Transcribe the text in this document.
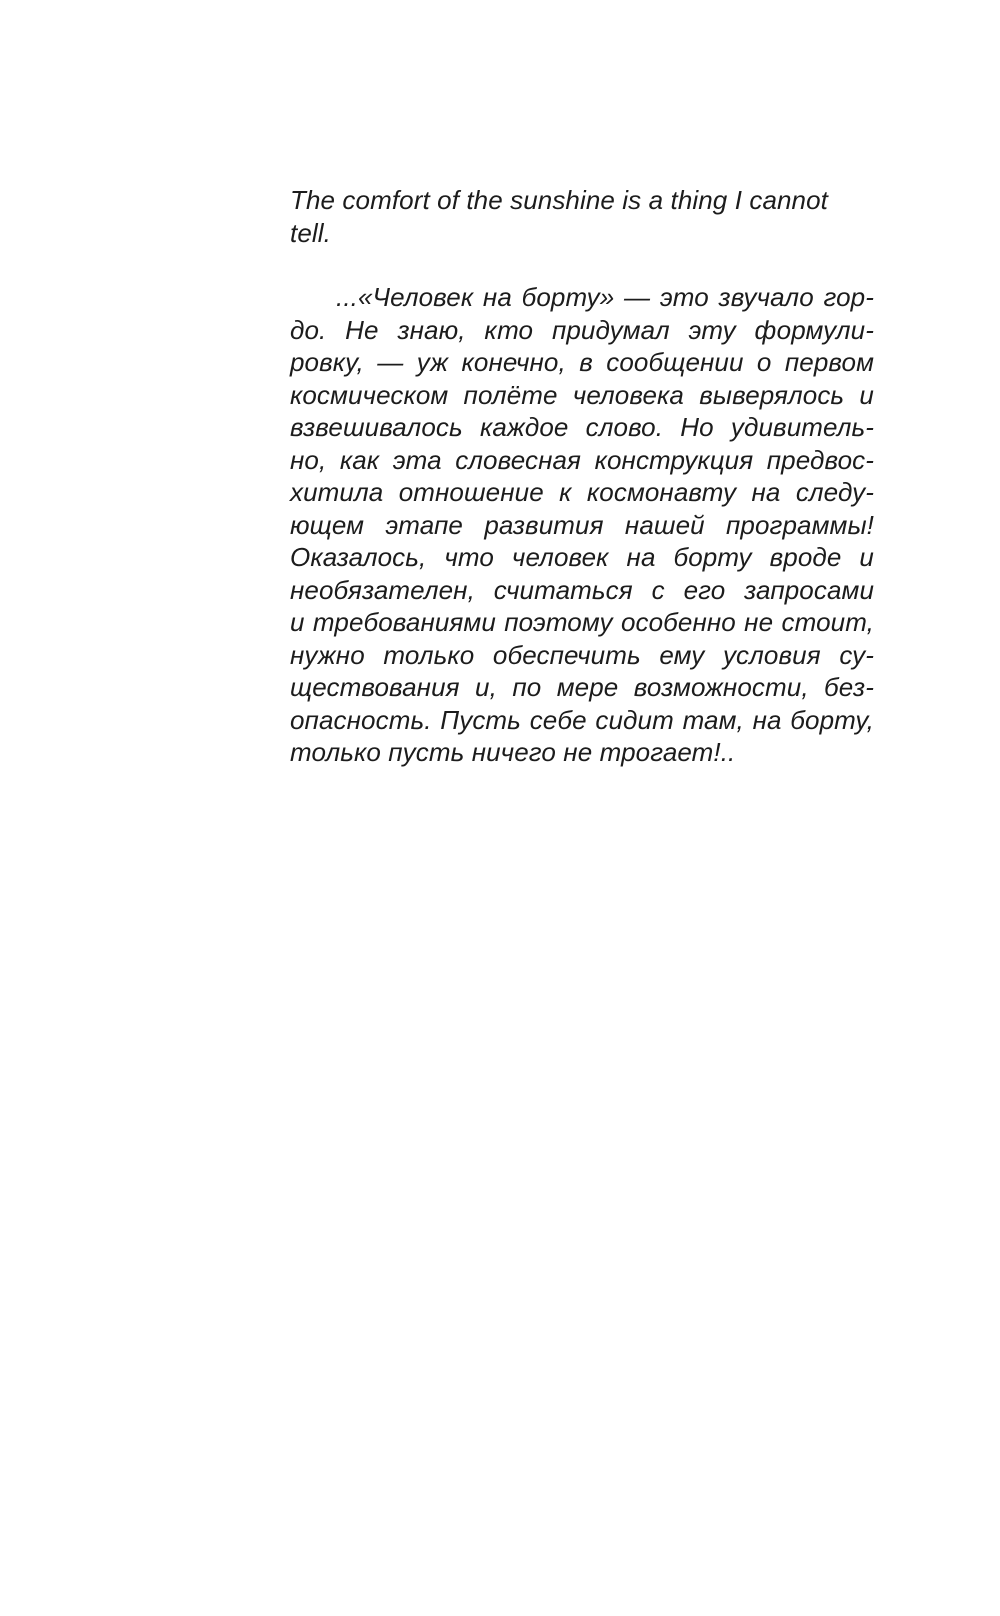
The comfort of the sunshine is a thing I cannot
tell.
...«Человек на борту» — это звучало гор-
до. Не знаю, кто придумал эту формули-
ровку, — уж конечно, в сообщении о первом
космическом полёте человека выверялось и
взвешивалось каждое слово. Но удивитель-
но, как эта словесная конструкция предвос-
хитила отношение к космонавту на следу-
ющем этапе развития нашей программы!
Оказалось, что человек на борту вроде и
необязателен, считаться с его запросами
и требованиями поэтому особенно не стоит,
нужно только обеспечить ему условия су-
ществования и, по мере возможности, без-
опасность. Пусть себе сидит там, на борту,
только пусть ничего не трогает!..
